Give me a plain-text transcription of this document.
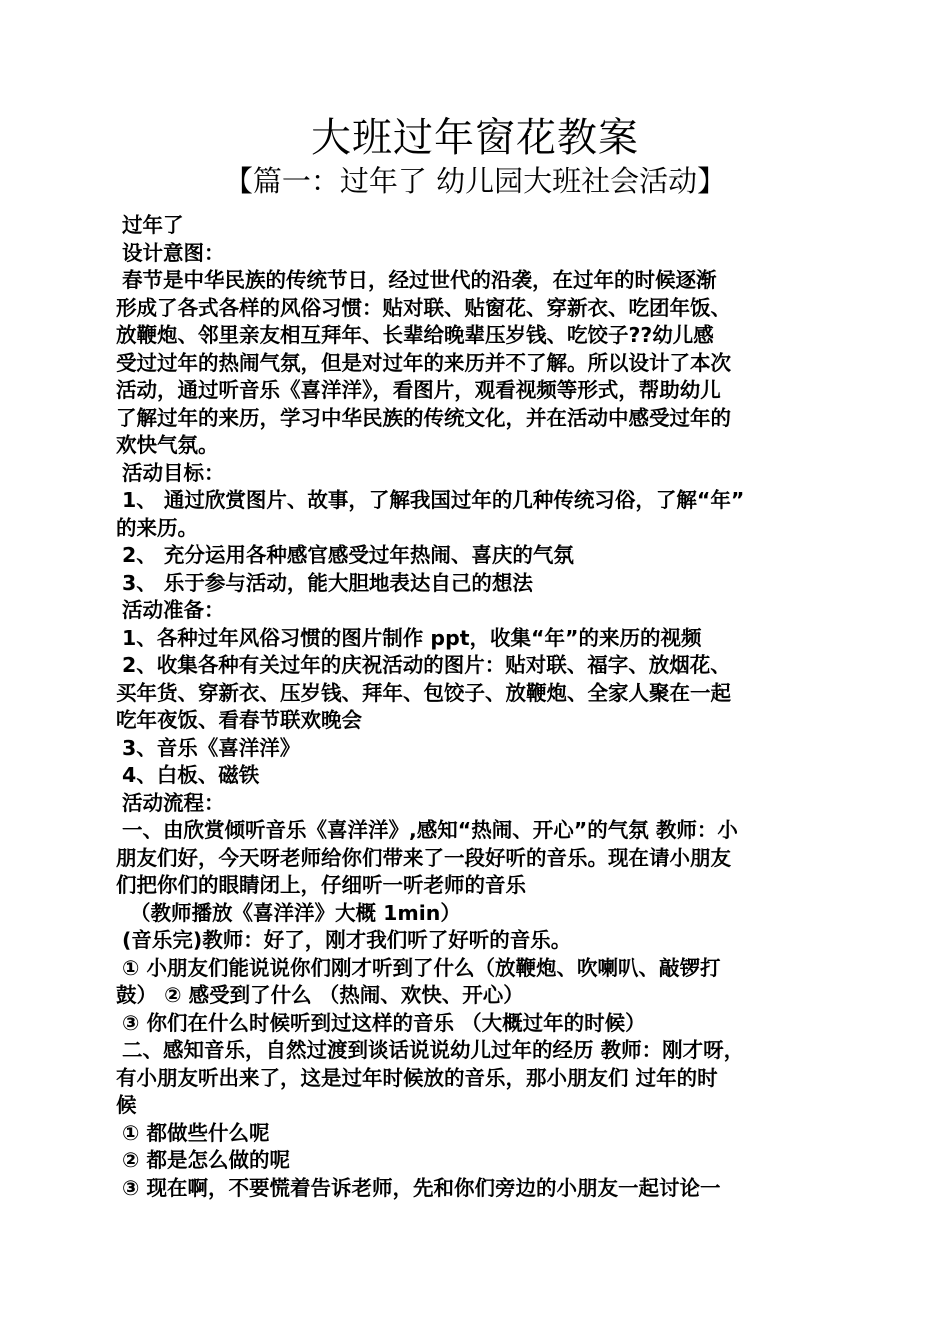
大班过年窗花教案
【篇一：过年了 幼儿园大班社会活动】
过年了
设计意图：
春节是中华民族的传统节日，经过世代的沿袭，在过年的时候逐渐
形成了各式各样的风俗习惯：贴对联、贴窗花、穿新衣、吃团年饭、
放鞭炮、邻里亲友相互拜年、长辈给晚辈压岁钱、吃饺子??幼儿感
受过过年的热闹气氛，但是对过年的来历并不了解。所以设计了本次
活动，通过听音乐《喜洋洋》，看图片，观看视频等形式，帮助幼儿
了解过年的来历，学习中华民族的传统文化，并在活动中感受过年的
欢快气氛。
活动目标：
1、 通过欣赏图片、故事，了解我国过年的几种传统习俗，了解“年”
的来历。
2、 充分运用各种感官感受过年热闹、喜庆的气氛
3、 乐于参与活动，能大胆地表达自己的想法
活动准备：
1、各种过年风俗习惯的图片制作 ppt，收集“年”的来历的视频
2、收集各种有关过年的庆祝活动的图片：贴对联、福字、放烟花、
买年货、穿新衣、压岁钱、拜年、包饺子、放鞭炮、全家人聚在一起
吃年夜饭、看春节联欢晚会
3、音乐《喜洋洋》
4、白板、磁铁
活动流程：
一、由欣赏倾听音乐《喜洋洋》,感知“热闹、开心”的气氛 教师：小
朋友们好，今天呀老师给你们带来了一段好听的音乐。现在请小朋友
们把你们的眼睛闭上，仔细听一听老师的音乐
（教师播放《喜洋洋》大概 1min）
(音乐完)教师：好了，刚才我们听了好听的音乐。
① 小朋友们能说说你们刚才听到了什么（放鞭炮、吹喇叭、敲锣打
鼓） ② 感受到了什么 （热闹、欢快、开心）
③ 你们在什么时候听到过这样的音乐 （大概过年的时候）
二、感知音乐，自然过渡到谈话说说幼儿过年的经历 教师：刚才呀，
有小朋友听出来了，这是过年时候放的音乐，那小朋友们 过年的时
候
① 都做些什么呢
② 都是怎么做的呢
③ 现在啊，不要慌着告诉老师，先和你们旁边的小朋友一起讨论一
